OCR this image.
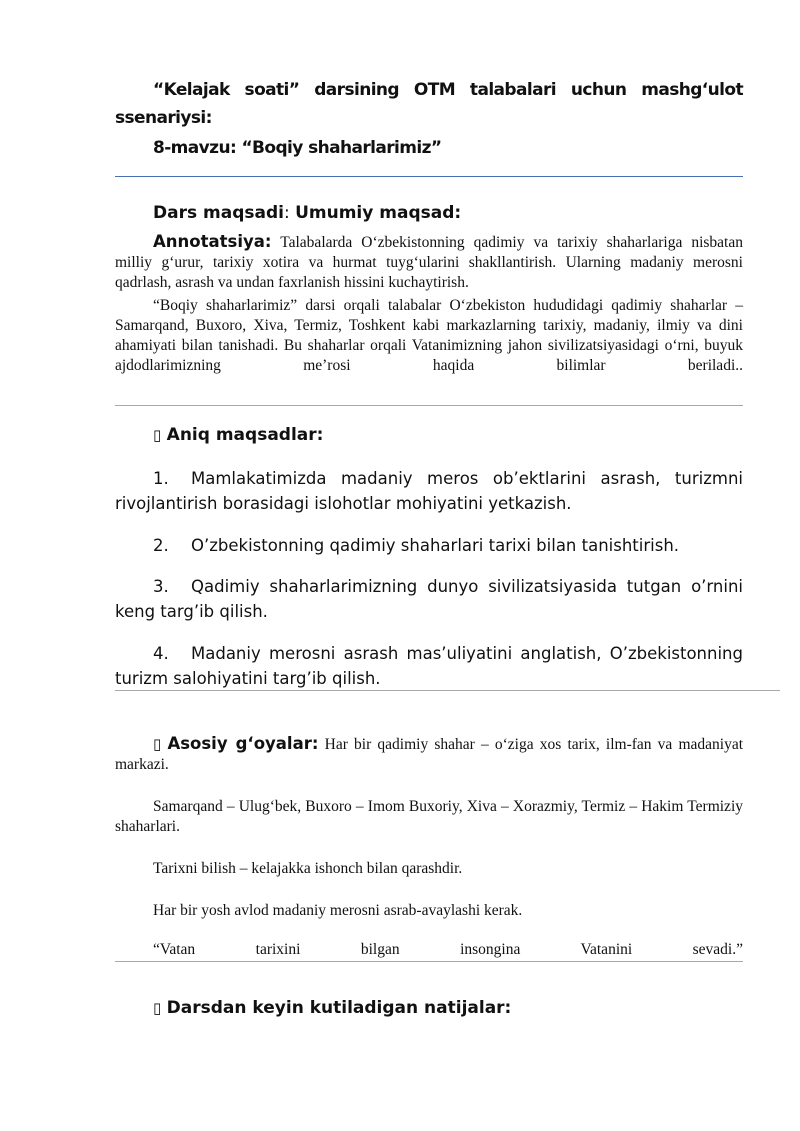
“Kelajak soati” darsining OTM talabalari uchun mashg‘ulot
ssenariysi:
8-mavzu: “Boqiy shaharlarimiz”
Dars maqsadi: Umumiy maqsad:
Annotatsiya: Talabalarda O‘zbekistonning qadimiy va tarixiy shaharlariga nisbatan milliy g‘urur, tarixiy xotira va hurmat tuyg‘ularini shakllantirish. Ularning madaniy merosni qadrlash, asrash va undan faxrlanish hissini kuchaytirish.
“Boqiy shaharlarimiz” darsi orqali talabalar O‘zbekiston hududidagi qadimiy shaharlar – Samarqand, Buxoro, Xiva, Termiz, Toshkent kabi markazlarning tarixiy, madaniy, ilmiy va dini ahamiyati bilan tanishadi. Bu shaharlar orqali Vatanimizning jahon sivilizatsiyasidagi o‘rni, buyuk ajdodlarimizning me’rosi haqida bilimlar beriladi..
▯ Aniq maqsadlar:
1. Mamlakatimizda madaniy meros ob’ektlarini asrash, turizmni rivojlantirish borasidagi islohotlar mohiyatini yetkazish.
2. O’zbekistonning qadimiy shaharlari tarixi bilan tanishtirish.
3. Qadimiy shaharlarimizning dunyo sivilizatsiyasida tutgan o’rnini keng targ’ib qilish.
4. Madaniy merosni asrash mas’uliyatini anglatish, O’zbekistonning turizm salohiyatini targ’ib qilish.
▯ Asosiy g‘oyalar: Har bir qadimiy shahar – o‘ziga xos tarix, ilm-fan va madaniyat markazi.
Samarqand – Ulug‘bek, Buxoro – Imom Buxoriy, Xiva – Xorazmiy, Termiz – Hakim Termiziy shaharlari.
Tarixni bilish – kelajakka ishonch bilan qarashdir.
Har bir yosh avlod madaniy merosni asrab-avaylashi kerak.
“Vatan tarixini bilgan insongina Vatanini sevadi.”
▯ Darsdan keyin kutiladigan natijalar:
